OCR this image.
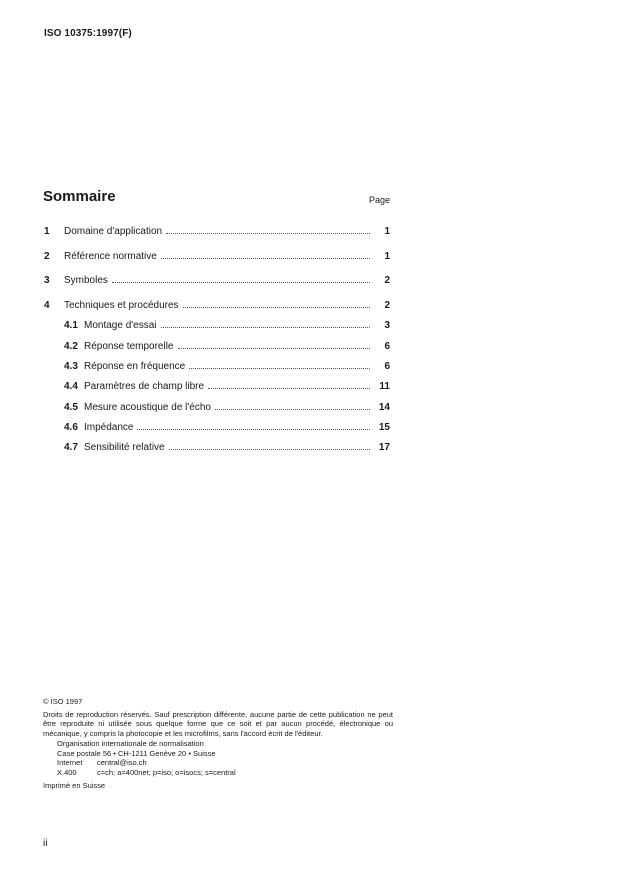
ISO 10375:1997(F)
Sommaire	Page
1	Domaine d'application	1
2	Référence normative	1
3	Symboles	2
4	Techniques et procédures	2
4.1 Montage d'essai	3
4.2 Réponse temporelle	6
4.3 Réponse en fréquence	6
4.4 Paramètres de champ libre	11
4.5 Mesure acoustique de l'écho	14
4.6 Impédance	15
4.7 Sensibilité relative	17
© ISO 1997
Droits de reproduction réservés. Sauf prescription différente, aucune partie de cette publication ne peut être reproduite ni utilisée sous quelque forme que ce soit et par aucun procédé, électronique ou mécanique, y compris la photocopie et les microfilms, sans l'accord écrit de l'éditeur.
Organisation internationale de normalisation
Case postale 56 • CH-1211 Genève 20 • Suisse
Internet	central@iso.ch
X.400	c=ch; a=400net; p=iso; o=isocs; s=central
Imprimé en Suisse
ii
